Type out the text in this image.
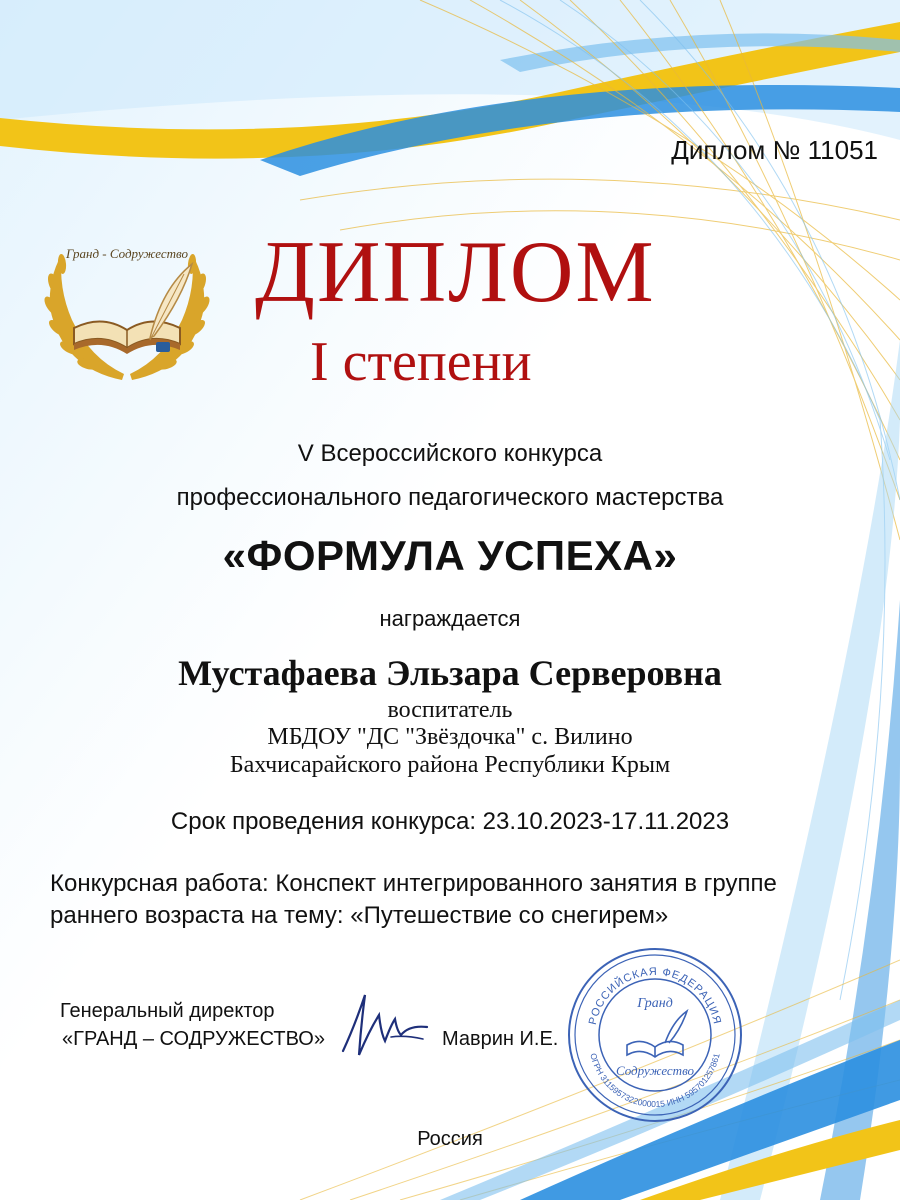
Гранд - Содружество
Диплом № 11051
ДИПЛОМ
I степени
V Всероссийского конкурса
профессионального педагогического мастерства
«ФОРМУЛА УСПЕХА»
награждается
Мустафаева Эльзара Серверовна
воспитатель
МБДОУ "ДС "Звёздочка" с. Вилино
Бахчисарайского района Республики Крым
Срок проведения конкурса: 23.10.2023-17.11.2023
Конкурсная работа: Конспект интегрированного занятия в группе
раннего возраста на тему: «Путешествие со снегирем»
Генеральный директор
«ГРАНД – СОДРУЖЕСТВО»	Маврин И.Е.
РОССИЙСКАЯ ФЕДЕРАЦИЯ
ОГРН 3115957322000015 ИНН 595701257861
Гранд
Содружество
Россия
